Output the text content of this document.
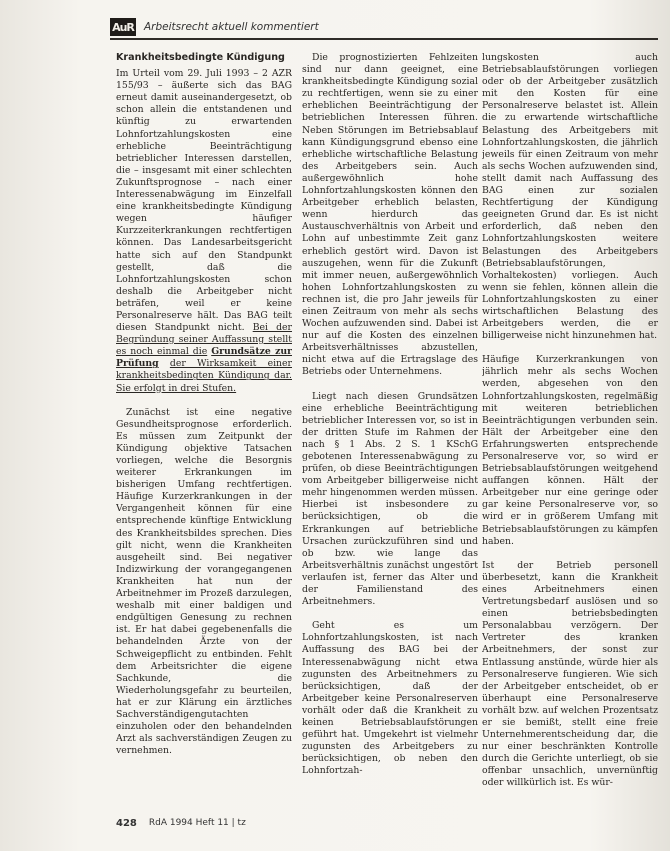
AuR Arbeitsrecht aktuell kommentiert
Krankheitsbedingte Kündigung

Im Urteil vom 29. Juli 1993 – 2 AZR 155/93 – äußerte sich das BAG erneut damit auseinandergesetzt, ob schon allein die entstandenen und künftig zu erwartenden Lohnfortzahlungskosten eine erhebliche Beeinträchtigung betrieblicher Interessen darstellen, die – insgesamt mit einer schlechten Zukunftsprognose – nach einer Interessenabwägung im Einzelfall eine krankheitsbedingte Kündigung wegen häufiger Kurzzeiterkrankungen rechtfertigen können. Das Landesarbeitsgericht hatte sich auf den Standpunkt gestellt, daß die Lohnfortzahlungskosten schon deshalb die Arbeitgeber nicht beträfen, weil er keine Personalreserve hält. Das BAG teilt diesen Standpunkt nicht. Bei der Begründung seiner Auffassung stellt es noch einmal die Grundsätze zur Prüfung der Wirksamkeit einer krankheitsbedingten Kündigung dar. Sie erfolgt in drei Stufen.

Zunächst ist eine negative Gesundheitsprognose erforderlich. Es müssen zum Zeitpunkt der Kündigung objektive Tatsachen vorliegen, welche die Besorgnis weiterer Erkrankungen im bisherigen Umfang rechtfertigen. Häufige Kurzerkrankungen in der Vergangenheit können für eine entsprechende künftige Entwicklung des Krankheitsbildes sprechen. Dies gilt nicht, wenn die Krankheiten ausgeheilt sind. Bei negativer Indizwirkung der vorangegangenen Krankheiten hat nun der Arbeitnehmer im Prozeß darzulegen, weshalb mit einer baldigen und endgültigen Genesung zu rechnen ist. Er hat dabei gegebenenfalls die behandelnden Ärzte von der Schweigepflicht zu entbinden. Fehlt dem Arbeitsrichter die eigene Sachkunde, die Wiederholungsgefahr zu beurteilen, hat er zur Klärung ein ärztliches Sachverständigengutachten einzuholen oder den behandelnden Arzt als sachverständigen Zeugen zu vernehmen.

Die prognostizierten Fehlzeiten sind nur dann geeignet, eine krankheitsbedingte Kündigung sozial zu rechtfertigen, wenn sie zu einer erheblichen Beeinträchtigung der betrieblichen Interessen führen. Neben Störungen im Betriebsablauf kann Kündigungsgrund ebenso eine erhebliche wirtschaftliche Belastung des Arbeitgebers sein. Auch außergewöhnlich hohe Lohnfortzahlungskosten können den Arbeitgeber erheblich belasten, wenn hierdurch das Austauschverhältnis von Arbeit und Lohn auf unbestimmte Zeit ganz erheblich gestört wird. Davon ist auszugehen, wenn für die Zukunft mit immer neuen, außergewöhnlich hohen Lohnfortzahlungskosten zu rechnen ist, die pro Jahr jeweils für einen Zeitraum von mehr als sechs Wochen aufzuwenden sind. Dabei ist nur auf die Kosten des einzelnen Arbeitsverhältnisses abzustellen, nicht etwa auf die Ertragslage des Betriebs oder Unternehmens.

Liegt nach diesen Grundsätzen eine erhebliche Beeinträchtigung betrieblicher Interessen vor, so ist in der dritten Stufe im Rahmen der nach § 1 Abs. 2 S. 1 KSchG gebotenen Interessenabwägung zu prüfen, ob diese Beeinträchtigungen vom Arbeitgeber billigerweise nicht mehr hingenommen werden müssen. Hierbei ist insbesondere zu berücksichtigen, ob die Erkrankungen auf betriebliche Ursachen zurückzuführen sind und ob bzw. wie lange das Arbeitsverhältnis zunächst ungestört verlaufen ist, ferner das Alter und der Familienstand des Arbeitnehmers.

Geht es um Lohnfortzahlungskosten, ist nach Auffassung des BAG bei der Interessenabwägung nicht etwa zugunsten des Arbeitnehmers zu berücksichtigen, daß der Arbeitgeber keine Personalreserven vorhält oder daß die Krankheit zu keinen Betriebsablaufstörungen geführt hat. Umgekehrt ist vielmehr zugunsten des Arbeitgebers zu berücksichtigen, ob neben den Lohnfortzah-

lungskosten auch Betriebsablaufstörungen vorliegen oder ob der Arbeitgeber zusätzlich mit den Kosten für eine Personalreserve belastet ist. Allein die zu erwartende wirtschaftliche Belastung des Arbeitgebers mit Lohnfortzahlungskosten, die jährlich jeweils für einen Zeitraum von mehr als sechs Wochen aufzuwenden sind, stellt damit nach Auffassung des BAG einen zur sozialen Rechtfertigung der Kündigung geeigneten Grund dar. Es ist nicht erforderlich, daß neben den Lohnfortzahlungskosten weitere Belastungen des Arbeitgebers (Betriebsablaufstörungen, Vorhaltekosten) vorliegen. Auch wenn sie fehlen, können allein die Lohnfortzahlungskosten zu einer wirtschaftlichen Belastung des Arbeitgebers werden, die er billigerweise nicht hinzunehmen hat.

Häufige Kurzerkrankungen von jährlich mehr als sechs Wochen werden, abgesehen von den Lohnfortzahlungskosten, regelmäßig mit weiteren betrieblichen Beeinträchtigungen verbunden sein. Hält der Arbeitgeber eine den Erfahrungswerten entsprechende Personalreserve vor, so wird er Betriebsablaufstörungen weitgehend auffangen können. Hält der Arbeitgeber nur eine geringe oder gar keine Personalreserve vor, so wird er in größerem Umfang mit Betriebsablaufstörungen zu kämpfen haben.

Ist der Betrieb personell überbesetzt, kann die Krankheit eines Arbeitnehmers einen Vertretungsbedarf auslösen und so einen betriebsbedingten Personalabbau verzögern. Der Vertreter des kranken Arbeitnehmers, der sonst zur Entlassung anstünde, würde hier als Personalreserve fungieren. Wie sich der Arbeitgeber entscheidet, ob er überhaupt eine Personalreserve vorhält bzw. auf welchen Prozentsatz er sie bemißt, stellt eine freie Unternehmerentscheidung dar, die nur einer beschränkten Kontrolle durch die Gerichte unterliegt, ob sie offenbar unsachlich, unvernünftig oder willkürlich ist. Es wür-

428 RdA 1994 Heft 11 | tz
